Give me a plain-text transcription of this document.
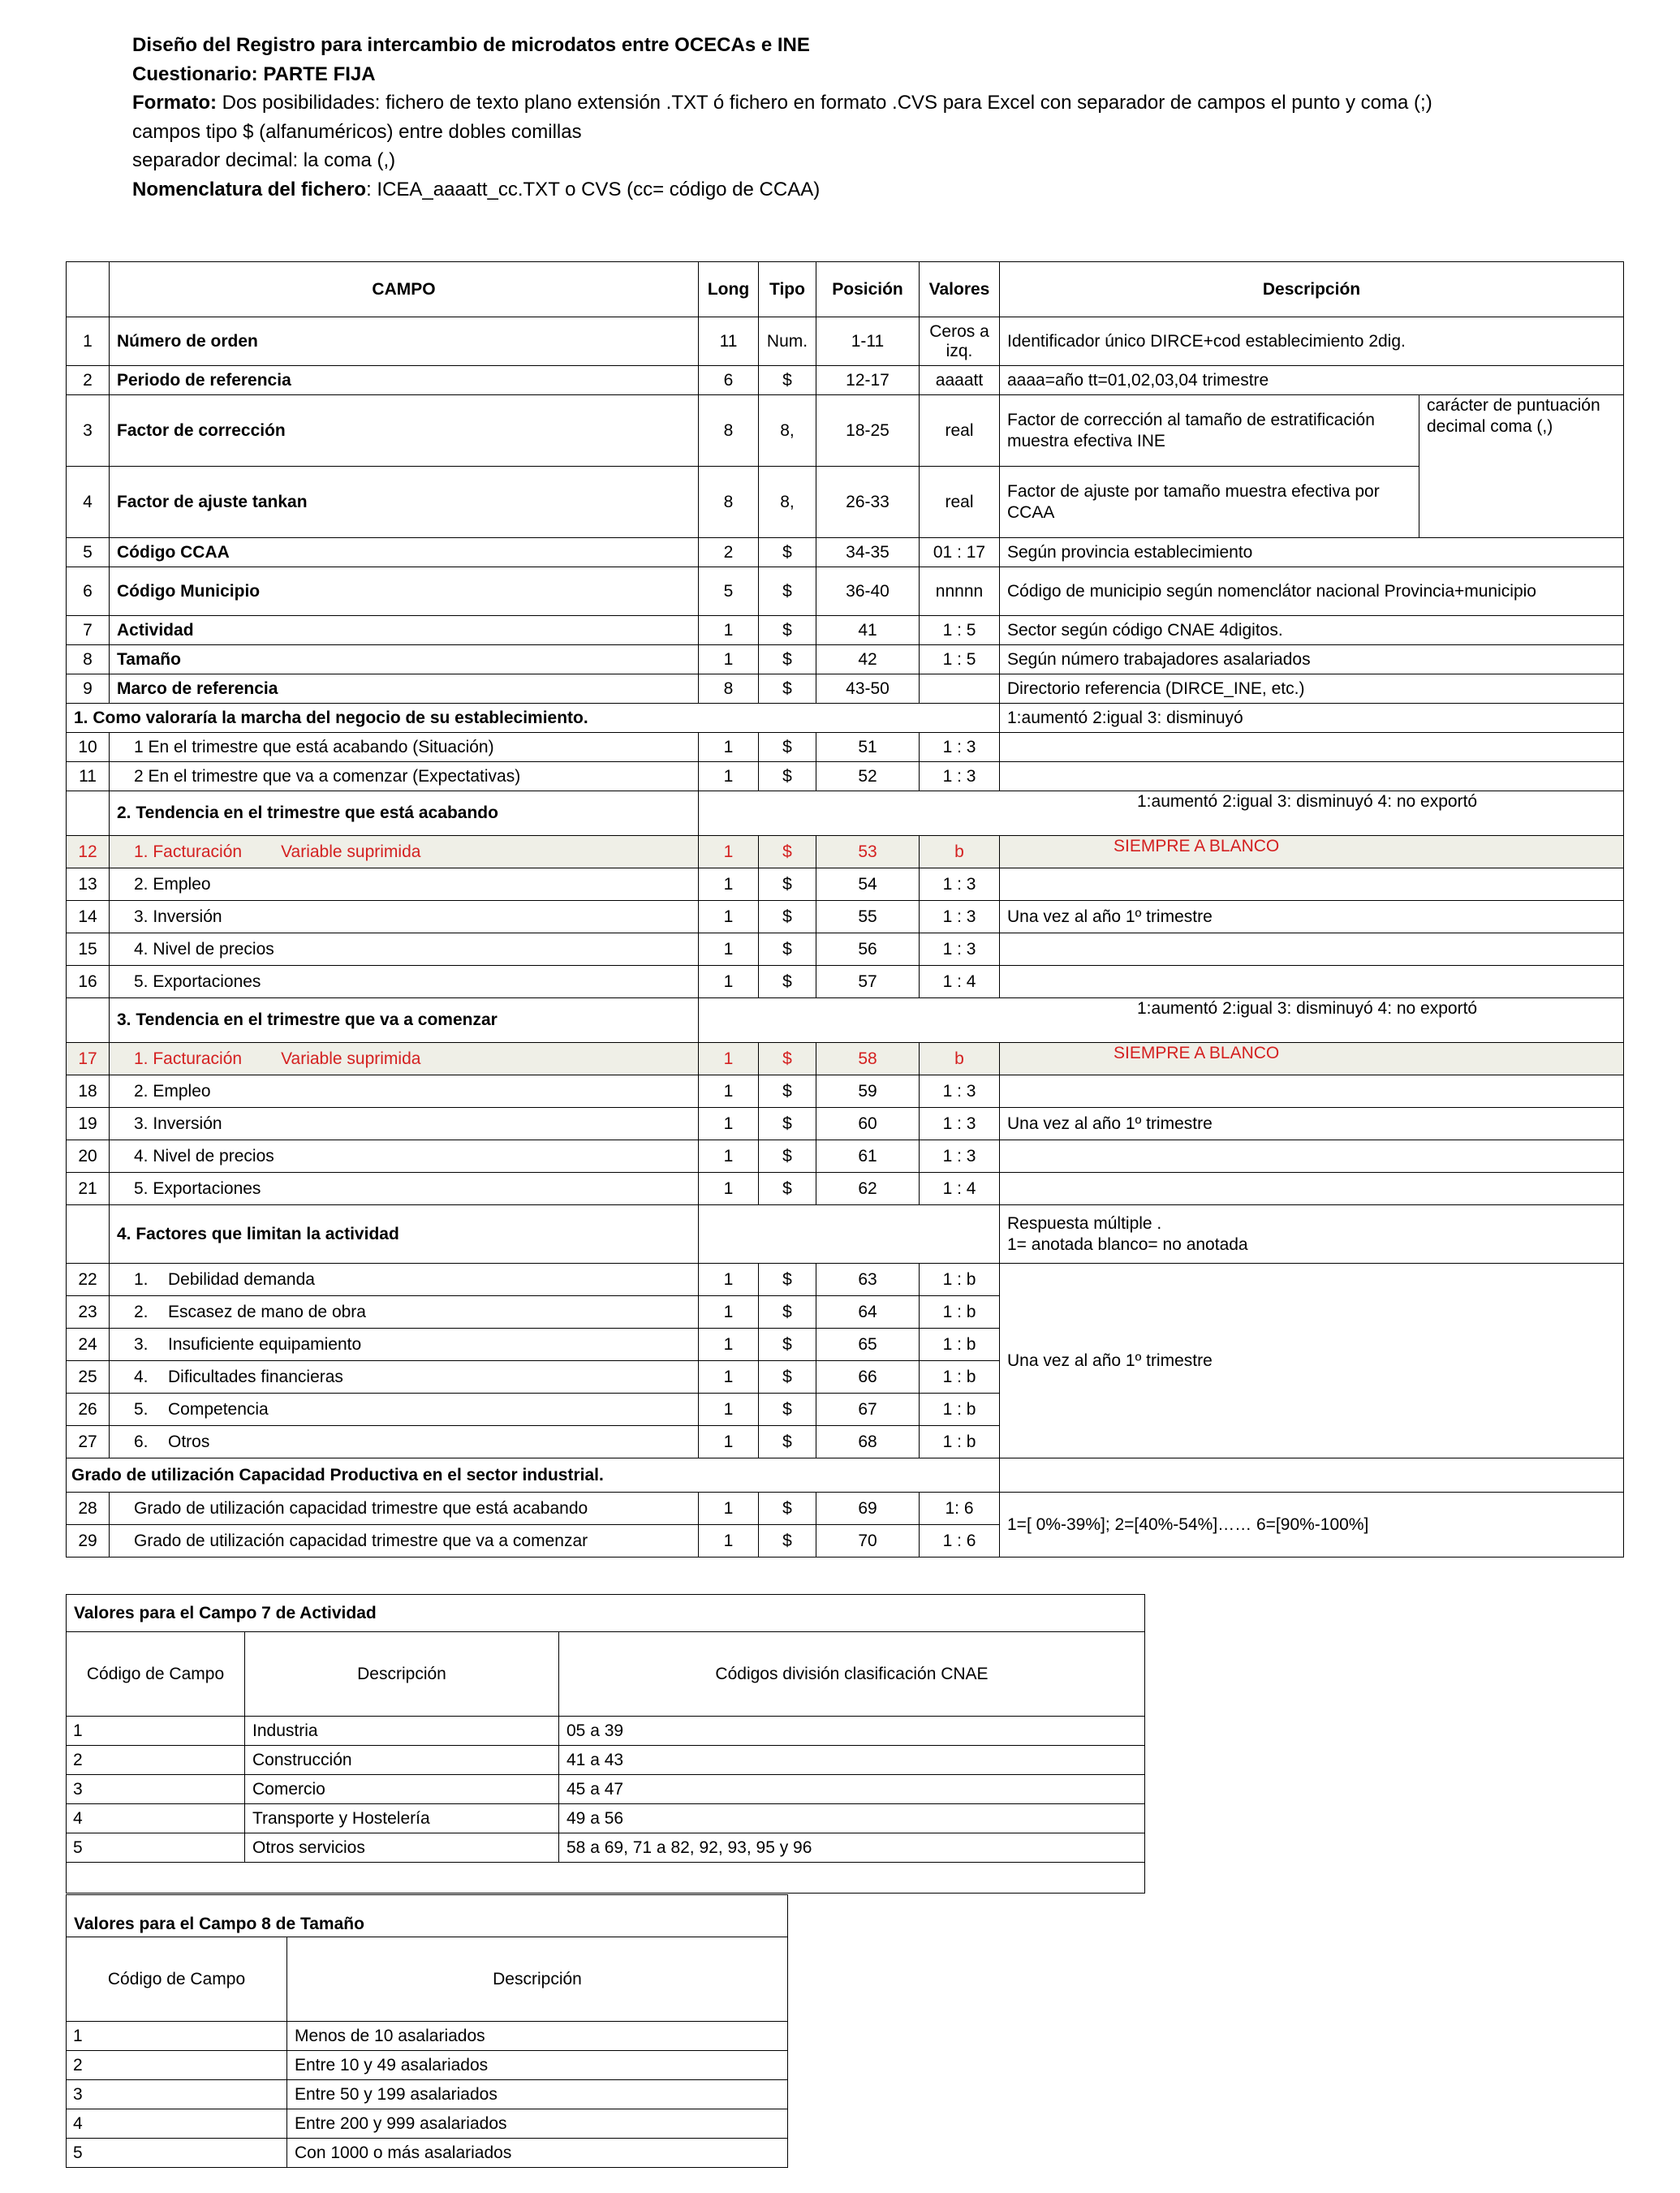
Diseño del Registro para intercambio de microdatos entre OCECAs e INE
Cuestionario: PARTE FIJA
Formato: Dos posibilidades: fichero de texto plano extensión .TXT ó fichero en formato .CVS para Excel con separador de campos el punto y coma (;)
campos tipo $ (alfanuméricos) entre dobles comillas
separador decimal: la coma (,)
Nomenclatura del fichero: ICEA_aaaatt_cc.TXT o CVS (cc= código de CCAA)
	CAMPO	Long	Tipo	Posición	Valores	Descripción	
1	Número de orden	11	Num.	1-11	Ceros a izq.	Identificador único DIRCE+cod establecimiento 2dig.	
2	Periodo de referencia	6	$	12-17	aaaatt	aaaa=año tt=01,02,03,04 trimestre	
3	Factor de corrección	8	8,	18-25	real	Factor de corrección al tamaño de estratificación muestra efectiva INE	carácter de puntuación decimal coma (,)
4	Factor de ajuste tankan	8	8,	26-33	real	Factor de ajuste por tamaño muestra efectiva por CCAA	
5	Código CCAA	2	$	34-35	01 : 17	Según provincia establecimiento	
6	Código Municipio	5	$	36-40	nnnnn	Código de municipio según nomenclátor nacional Provincia+municipio	
7	Actividad	1	$	41	1 : 5	Sector según código CNAE 4digitos.	
8	Tamaño	1	$	42	1 : 5	Según número trabajadores asalariados	
9	Marco de referencia	8	$	43-50		Directorio referencia (DIRCE_INE, etc.)	
1. Como valoraría la marcha del negocio de su establecimiento.						1:aumentó 2:igual 3: disminuyó	
10	1 En el trimestre que está acabando (Situación)	1	$	51	1 : 3		
11	2 En el trimestre que va a comenzar (Expectativas)	1	$	52	1 : 3		
	2. Tendencia en el trimestre que está acabando	1:aumentó 2:igual 3: disminuyó 4: no exportó					
12	1. Facturación Variable suprimida	1	$	53	b	SIEMPRE A BLANCO	
13	2. Empleo	1	$	54	1 : 3		
14	3. Inversión	1	$	55	1 : 3	Una vez al año 1º trimestre	
15	4. Nivel de precios	1	$	56	1 : 3		
16	5. Exportaciones	1	$	57	1 : 4		
	3. Tendencia en el trimestre que va a comenzar	1:aumentó 2:igual 3: disminuyó 4: no exportó					
17	1. Facturación Variable suprimida	1	$	58	b	SIEMPRE A BLANCO	
18	2. Empleo	1	$	59	1 : 3		
19	3. Inversión	1	$	60	1 : 3	Una vez al año 1º trimestre	
20	4. Nivel de precios	1	$	61	1 : 3		
21	5. Exportaciones	1	$	62	1 : 4		
	4. Factores que limitan la actividad					Respuesta múltiple .
1= anotada blanco= no anotada	

22	1. Debilidad demanda	1	$	63	1 : b	Una vez al año 1º trimestre	
23	2. Escasez de mano de obra	1	$	64	1 : b		
24	3. Insuficiente equipamiento	1	$	65	1 : b		
25	4. Dificultades financieras	1	$	66	1 : b		
26	5. Competencia	1	$	67	1 : b		
27	6. Otros	1	$	68	1 : b		
Grado de utilización Capacidad Productiva en el sector industrial.							
28	Grado de utilización capacidad trimestre que está acabando	1	$	69	1: 6	1=[ 0%-39%]; 2=[40%-54%]…… 6=[90%-100%]	
29	Grado de utilización capacidad trimestre que va a comenzar	1	$	70	1 : 6		
Valores para el Campo 7 de Actividad		
Código de Campo	Descripción	Códigos división clasificación CNAE
1	Industria	05 a 39
2	Construcción	41 a 43
3	Comercio	45 a 47
4	Transporte y Hostelería	49 a 56
5	Otros servicios	58 a 69, 71 a 82, 92, 93, 95 y 96

Valores para el Campo 8 de Tamaño	
Código de Campo	Descripción
1	Menos de 10 asalariados
2	Entre 10 y 49 asalariados
3	Entre 50 y 199 asalariados
4	Entre 200 y 999 asalariados
5	Con 1000 o más asalariados
